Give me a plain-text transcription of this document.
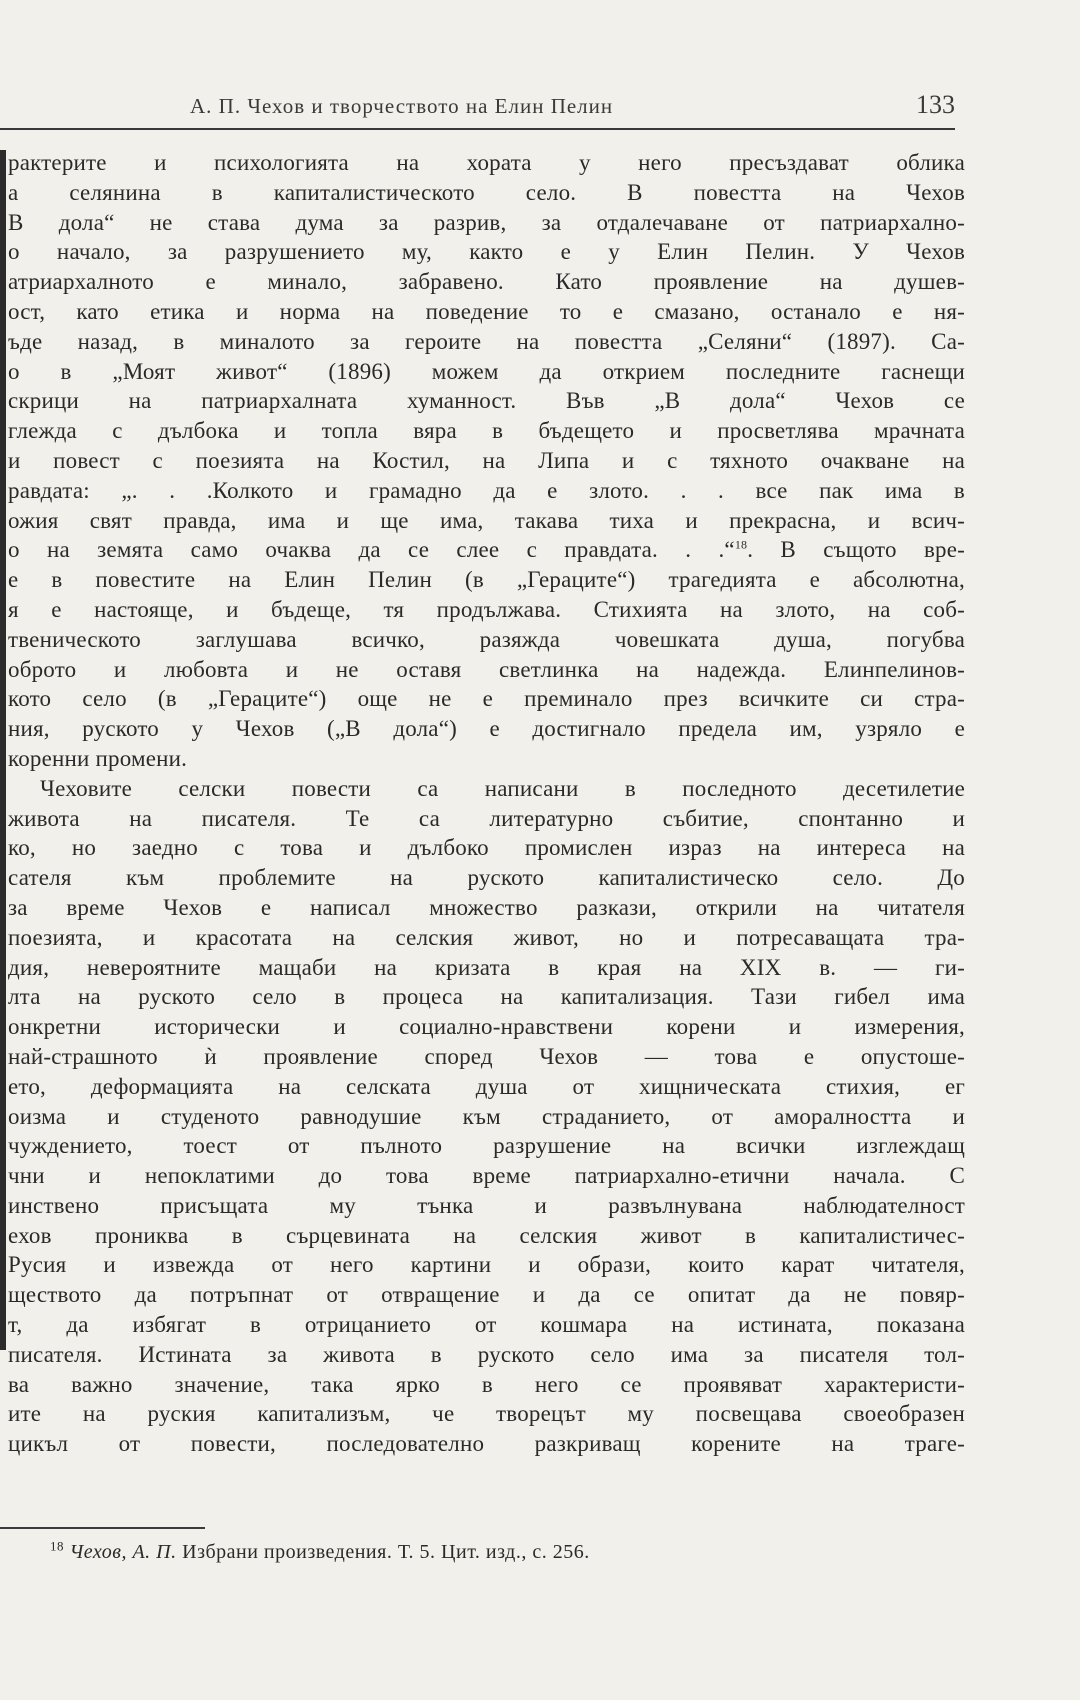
А. П. Чехов и творчеството на Елин Пелин	133
рактерите и психологията на хората у него пресъздават облика
а селянина в капиталистическото село. В повестта на Чехов
В дола“ не става дума за разрив, за отдалечаване от патриархално-
о начало, за разрушението му, както е у Елин Пелин. У Чехов
атриархалното е минало, забравено. Като проявление на душев-
ост, като етика и норма на поведение то е смазано, останало е ня-
ъде назад, в миналото за героите на повестта „Селяни“ (1897). Са-
о в „Моят живот“ (1896) можем да открием последните гаснещи
скрици на патриархалната хуманност. Във „В дола“ Чехов се
глежда с дълбока и топла вяра в бъдещето и просветлява мрачната
и повест с поезията на Костил, на Липа и с тяхното очакване на
равдата: „. . .Колкото и грамадно да е злото. . . все пак има в
ожия свят правда, има и ще има, такава тиха и прекрасна, и всич-
о на земята само очаква да се слее с правдата. . .“$^{18}$. В същото вре-
е в повестите на Елин Пелин (в „Гераците“) трагедията е абсолютна,
я е настояще, и бъдеще, тя продължава. Стихията на злото, на соб-
твеническото заглушава всичко, разяжда човешката душа, погубва
оброто и любовта и не оставя светлинка на надежда. Елинпелинов-
кото село (в „Гераците“) още не е преминало през всичките си стра-
ния, руското у Чехов („В дола“) е достигнало предела им, узряло е
коренни промени.
Чеховите селски повести са написани в последното десетилетие
живота на писателя. Те са литературно събитие, спонтанно и
ко, но заедно с това и дълбоко промислен израз на интереса на
сателя към проблемите на руското капиталистическо село. До
за време Чехов е написал множество разкази, открили на читателя
поезията, и красотата на селския живот, но и потресаващата тра-
дия, невероятните мащаби на кризата в края на XIX в. — ги-
лта на руското село в процеса на капитализация. Тази гибел има
онкретни исторически и социално-нравствени корени и измерения,
най-страшното ѝ проявление според Чехов — това е опустоше-
ето, деформацията на селската душа от хищническата стихия, ег
оизма и студеното равнодушие към страданието, от аморалността и
чуждението, тоест от пълното разрушение на всички изглеждащ
чни и непоклатими до това време патриархално-етични начала. С
инствено присъщата му тънка и развълнувана наблюдателност
ехов прониква в сърцевината на селския живот в капиталистичес-
Русия и извежда от него картини и образи, които карат читателя,
ществото да потръпнат от отвращение и да се опитат да не повяр-
т, да избягат в отрицанието от кошмара на истината, показана
писателя. Истината за живота в руското село има за писателя тол-
ва важно значение, така ярко в него се проявяват характеристи-
ите на руския капитализъм, че творецът му посвещава своеобразен
цикъл от повести, последователно разкриващ корените на траге-
$^{18}$ Чехов, А. П. Избрани произведения. Т. 5. Цит. изд., с. 256.
